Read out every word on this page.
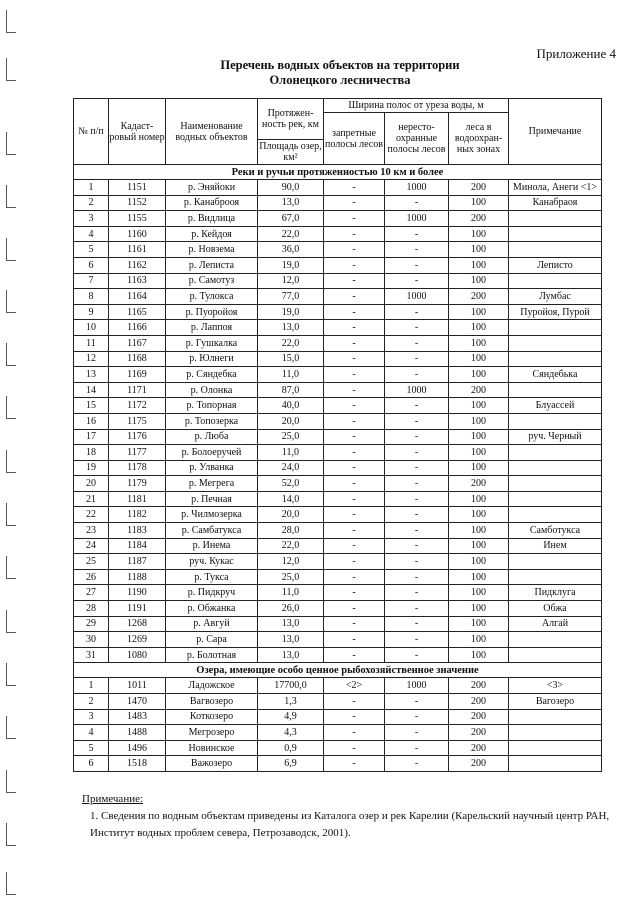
Приложение 4
Перечень водных объектов на территории
Олонецкого лесничества
№ п/п	Кадаст-ровый номер	Наименование водных объектов	Протяжен-ность рек, км	Ширина полос от уреза воды, м			Примечание
				запретные полосы лесов	нересто-охранные полосы лесов	леса в водоохран-ных зонах	
			Площадь озер, км²				
Реки и ручьи протяженностью 10 км и более							
1	1151	р. Эняйоки	90,0	-	1000	200	Минола, Анеги <1>
2	1152	р. Канаброоя	13,0	-	-	100	Канабраоя
3	1155	р. Видлица	67,0	-	1000	200	
4	1160	р. Кейдоя	22,0	-	-	100	
5	1161	р. Новзема	36,0	-	-	100	
6	1162	р. Леписта	19,0	-	-	100	Леписто
7	1163	р. Самотуз	12,0	-	-	100	
8	1164	р. Тулокса	77,0	-	1000	200	Лумбас
9	1165	р. Пуоройоя	19,0	-	-	100	Пуройоя, Пурой
10	1166	р. Лаппоя	13,0	-	-	100	
11	1167	р. Гушкалка	22,0	-	-	100	
12	1168	р. Юлнеги	15,0	-	-	100	
13	1169	р. Сяндебка	11,0	-	-	100	Сяндебька
14	1171	р. Олонка	87,0	-	1000	200	
15	1172	р. Топорная	40,0	-	-	100	Блуассей
16	1175	р. Топозерка	20,0	-	-	100	
17	1176	р. Люба	25,0	-	-	100	руч. Черный
18	1177	р. Болоеручей	11,0	-	-	100	
19	1178	р. Улванка	24,0	-	-	100	
20	1179	р. Мегрега	52,0	-	-	200	
21	1181	р. Печная	14,0	-	-	100	
22	1182	р. Чилмозерка	20,0	-	-	100	
23	1183	р. Самбатукса	28,0	-	-	100	Самботукса
24	1184	р. Инема	22,0	-	-	100	Инем
25	1187	руч. Кукас	12,0	-	-	100	
26	1188	р. Тукса	25,0	-	-	100	
27	1190	р. Пидкруч	11,0	-	-	100	Пидклуга
28	1191	р. Обжанка	26,0	-	-	100	Обжа
29	1268	р. Авгуй	13,0	-	-	100	Алгай
30	1269	р. Сара	13,0	-	-	100	
31	1080	р. Болотная	13,0	-	-	100	
Озера, имеющие особо ценное рыбохозяйственное значение							
1	1011	Ладожское	17700,0	<2>	1000	200	<3>
2	1470	Вагвозеро	1,3	-	-	200	Вагозеро
3	1483	Коткозеро	4,9	-	-	200	
4	1488	Мегрозеро	4,3	-	-	200	
5	1496	Новинское	0,9	-	-	200	
6	1518	Важозеро	6,9	-	-	200	
Примечание:
1. Сведения по водным объектам приведены из Каталога озер и рек Карелии (Карельский научный центр РАН, Институт водных проблем севера, Петрозаводск, 2001).
